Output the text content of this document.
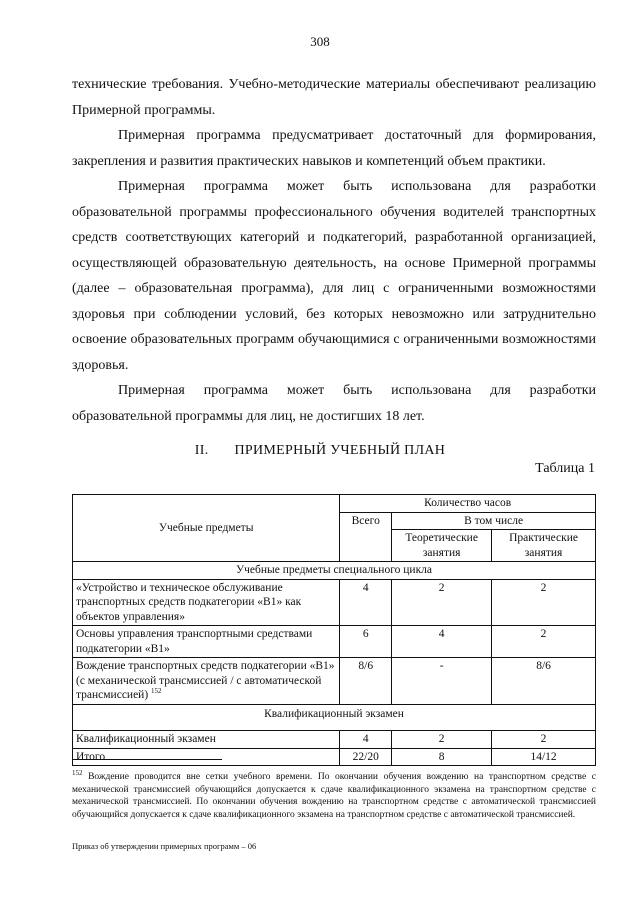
308

технические требования. Учебно-методические материалы обеспечивают реализацию Примерной программы.

Примерная программа предусматривает достаточный для формирования, закрепления и развития практических навыков и компетенций объем практики.

Примерная программа может быть использована для разработки образовательной программы профессионального обучения водителей транспортных средств соответствующих категорий и подкатегорий, разработанной организацией, осуществляющей образовательную деятельность, на основе Примерной программы (далее – образовательная программа), для лиц с ограниченными возможностями здоровья при соблюдении условий, без которых невозможно или затруднительно освоение образовательных программ обучающимися с ограниченными возможностями здоровья.

Примерная программа может быть использована для разработки образовательной программы для лиц, не достигших 18 лет.

II. ПРИМЕРНЫЙ УЧЕБНЫЙ ПЛАН
Таблица 1
Учебные предметы	Количество часов		
	Всего	В том числе	
		Теоретические занятия	Практические занятия
Учебные предметы специального цикла			
«Устройство и техническое обслуживание транспортных средств подкатегории «B1» как объектов управления»	4	2	2
Основы управления транспортными средствами подкатегории «B1»	6	4	2
Вождение транспортных средств подкатегории «B1» (с механической трансмиссией / с автоматической трансмиссией) $^{152}$	8/6	-	8/6
Квалификационный экзамен			
Квалификационный экзамен	4	2	2
Итого	22/20	8	14/12
$^{152}$ Вождение проводится вне сетки учебного времени. По окончании обучения вождению на транспортном средстве с механической трансмиссией обучающийся допускается к сдаче квалификационного экзамена на транспортном средстве с механической трансмиссией. По окончании обучения вождению на транспортном средстве с автоматической трансмиссией обучающийся допускается к сдаче квалификационного экзамена на транспортном средстве с автоматической трансмиссией.
Приказ об утверждении примерных программ – 06
